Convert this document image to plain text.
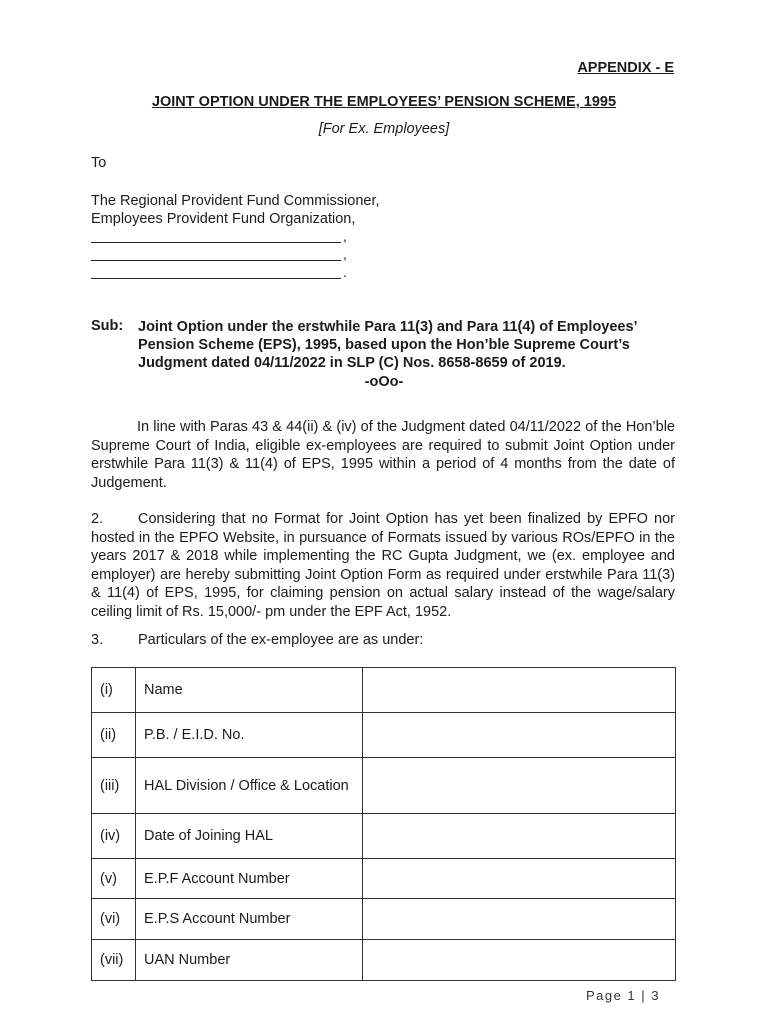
APPENDIX - E
JOINT OPTION UNDER THE EMPLOYEES’ PENSION SCHEME, 1995
[For Ex. Employees]
To
The Regional Provident Fund Commissioner,
Employees Provident Fund Organization,
,
,
.
Sub: Joint Option under the erstwhile Para 11(3) and Para 11(4) of Employees’ Pension Scheme (EPS), 1995, based upon the Hon’ble Supreme Court’s Judgment dated 04/11/2022 in SLP (C) Nos. 8658-8659 of 2019.
-oOo-
In line with Paras 43 & 44(ii) & (iv) of the Judgment dated 04/11/2022 of the Hon’ble Supreme Court of India, eligible ex-employees are required to submit Joint Option under erstwhile Para 11(3) & 11(4) of EPS, 1995 within a period of 4 months from the date of Judgement.
2. Considering that no Format for Joint Option has yet been finalized by EPFO nor hosted in the EPFO Website, in pursuance of Formats issued by various ROs/EPFO in the years 2017 & 2018 while implementing the RC Gupta Judgment, we (ex. employee and employer) are hereby submitting Joint Option Form as required under erstwhile Para 11(3) & 11(4) of EPS, 1995, for claiming pension on actual salary instead of the wage/salary ceiling limit of Rs. 15,000/- pm under the EPF Act, 1952.
3. Particulars of the ex-employee are as under:
(i)	Name	
(ii)	P.B. / E.I.D. No.	
(iii)	HAL Division / Office & Location	
(iv)	Date of Joining HAL	
(v)	E.P.F Account Number	
(vi)	E.P.S Account Number	
(vii)	UAN Number	
Page 1 | 3
